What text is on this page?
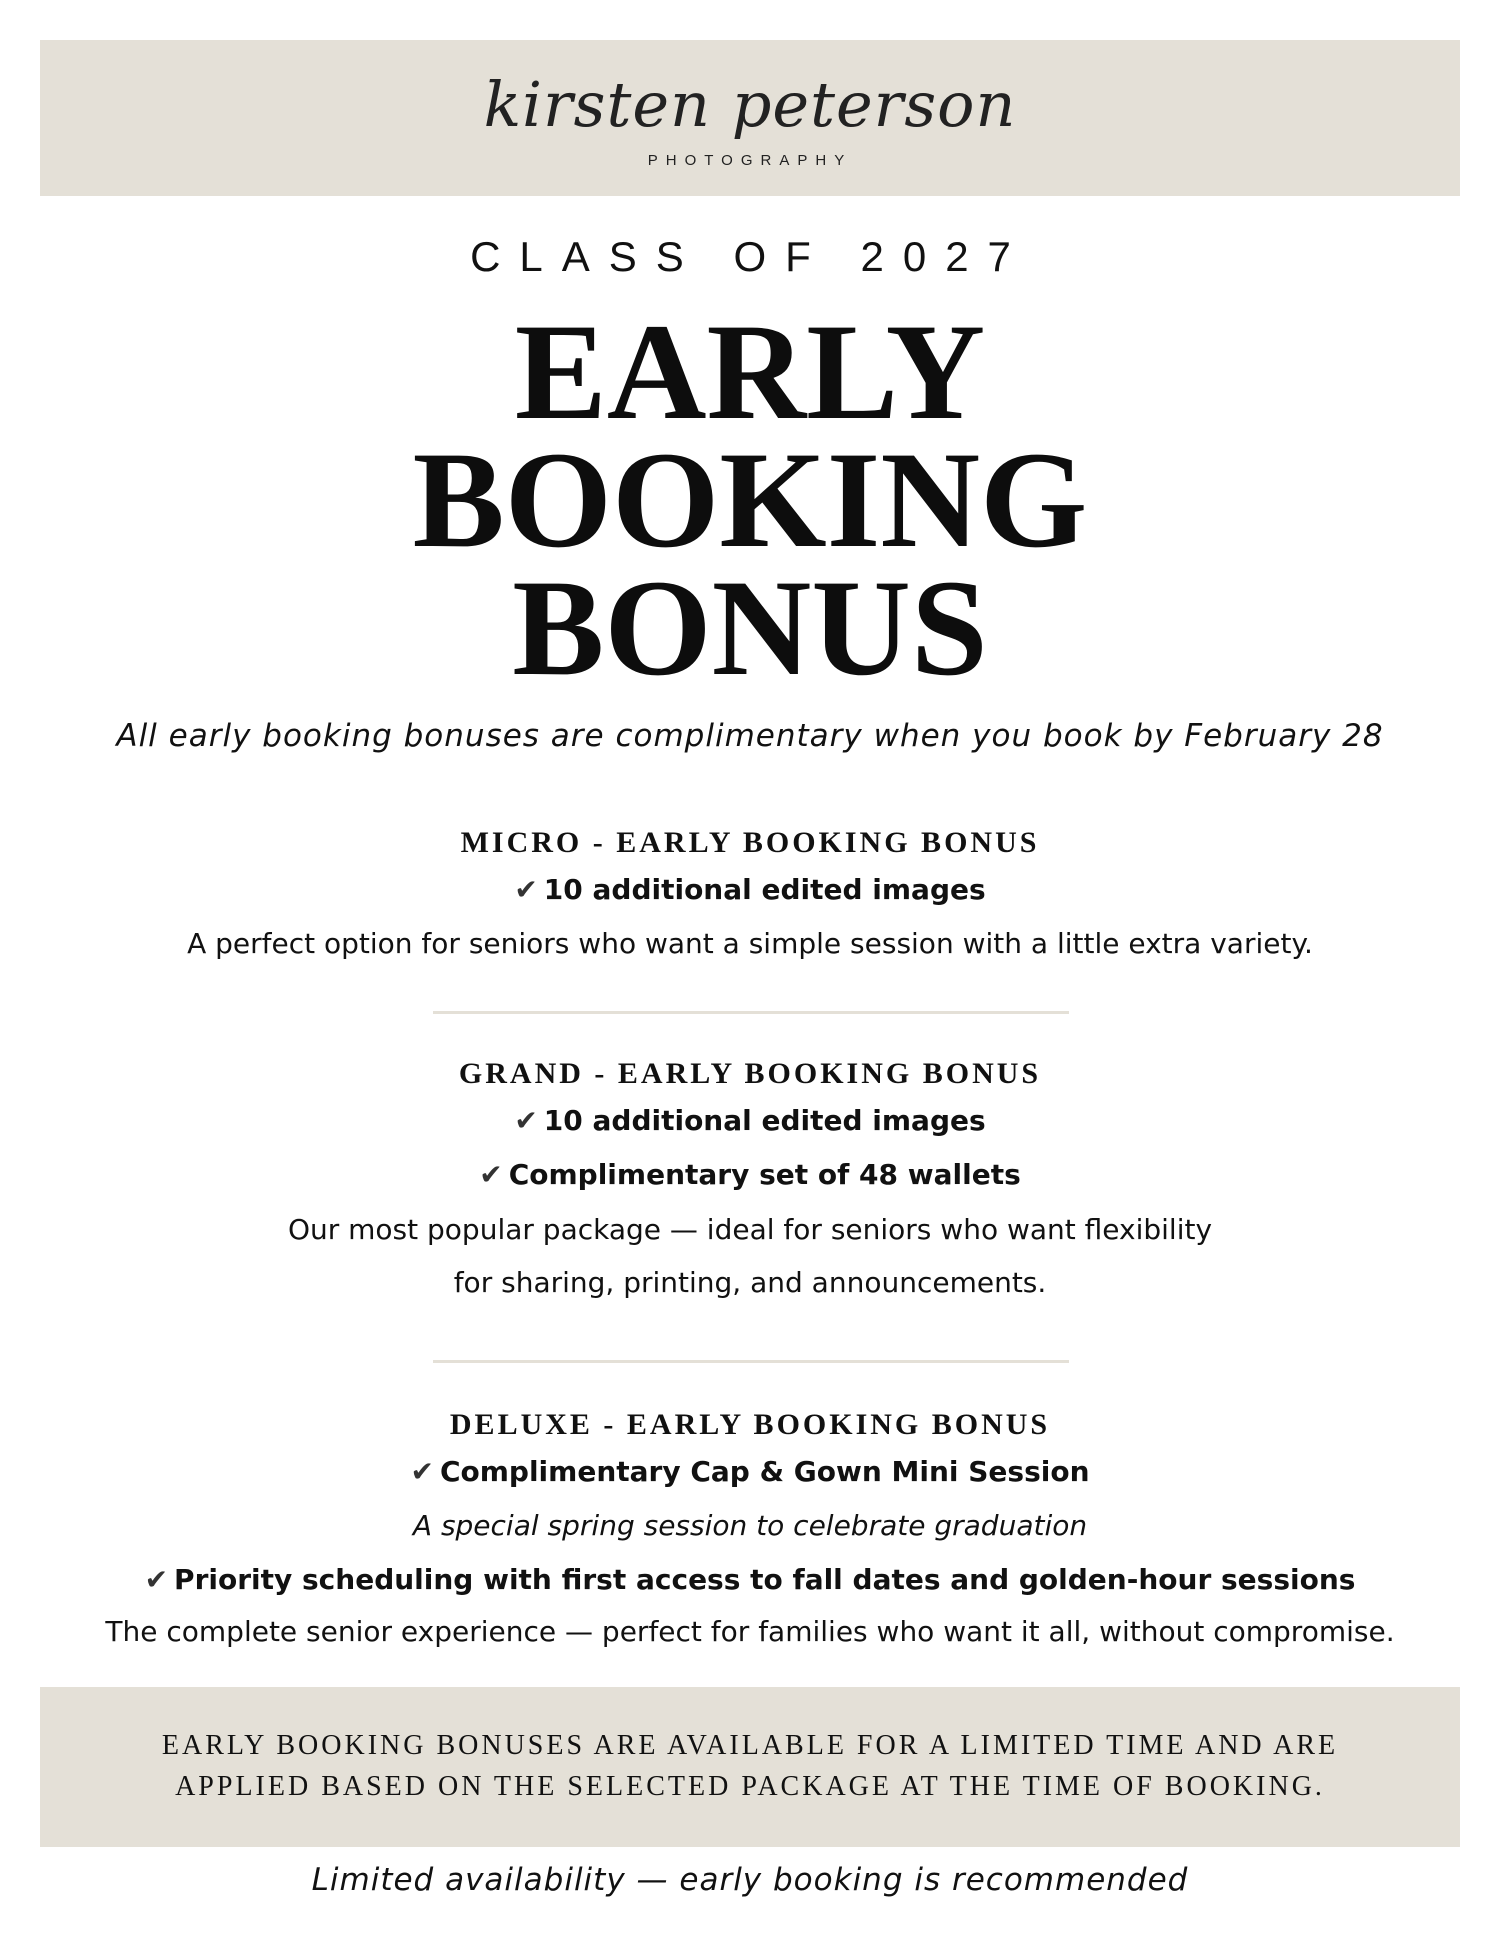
kirsten peterson
PHOTOGRAPHY
CLASS OF 2027
EARLY
BOOKING
BONUS
All early booking bonuses are complimentary when you book by February 28
MICRO - EARLY BOOKING BONUS
✔ 10 additional edited images
A perfect option for seniors who want a simple session with a little extra variety.
GRAND - EARLY BOOKING BONUS
✔ 10 additional edited images
✔ Complimentary set of 48 wallets
Our most popular package — ideal for seniors who want flexibility
for sharing, printing, and announcements.
DELUXE - EARLY BOOKING BONUS
✔ Complimentary Cap & Gown Mini Session
A special spring session to celebrate graduation
✔ Priority scheduling with first access to fall dates and golden-hour sessions
The complete senior experience — perfect for families who want it all, without compromise.
EARLY BOOKING BONUSES ARE AVAILABLE FOR A LIMITED TIME AND ARE
APPLIED BASED ON THE SELECTED PACKAGE AT THE TIME OF BOOKING.
Limited availability — early booking is recommended
